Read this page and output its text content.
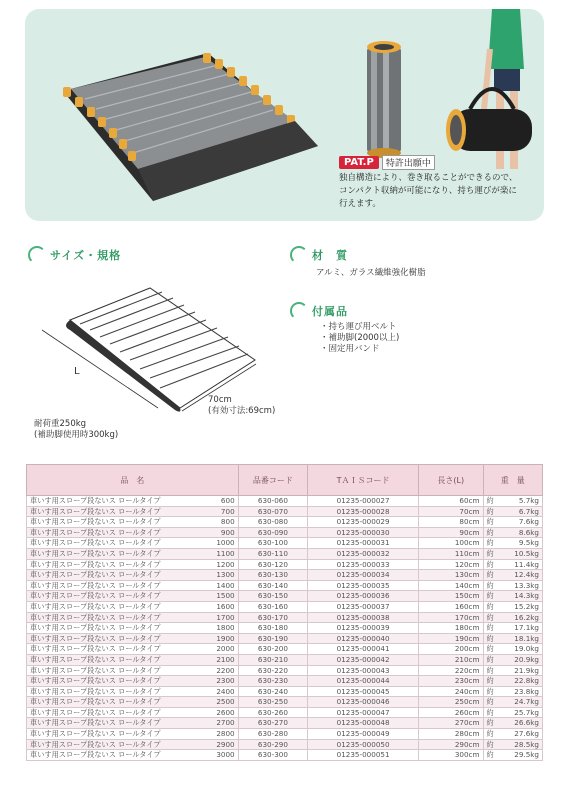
PAT.P	特許出願中
独自構造により、巻き取ることができるので、
コンパクト収納が可能になり、持ち運びが楽に
行えます。
サイズ・規格
L
70cm
(有効寸法:69cm)
耐荷重250kg
(補助脚使用時300kg)
材　質
アルミ、ガラス繊維強化樹脂
付属品
・持ち運び用ベルト
・補助脚(2000以上)
・固定用バンド
品　名	品番コード	TＡＩＳコード	長さ(L)	重　量
車いす用スロープ段ないス ロールタイプ 600	630-060	01235-000027	60cm	約 5.7kg

車いす用スロープ段ないス ロールタイプ 700	630-070	01235-000028	70cm	約 6.7kg

車いす用スロープ段ないス ロールタイプ 800	630-080	01235-000029	80cm	約 7.6kg

車いす用スロープ段ないス ロールタイプ 900	630-090	01235-000030	90cm	約 8.6kg

車いす用スロープ段ないス ロールタイプ 1000	630-100	01235-000031	100cm	約 9.5kg

車いす用スロープ段ないス ロールタイプ 1100	630-110	01235-000032	110cm	約 10.5kg

車いす用スロープ段ないス ロールタイプ 1200	630-120	01235-000033	120cm	約 11.4kg

車いす用スロープ段ないス ロールタイプ 1300	630-130	01235-000034	130cm	約 12.4kg

車いす用スロープ段ないス ロールタイプ 1400	630-140	01235-000035	140cm	約 13.3kg

車いす用スロープ段ないス ロールタイプ 1500	630-150	01235-000036	150cm	約 14.3kg

車いす用スロープ段ないス ロールタイプ 1600	630-160	01235-000037	160cm	約 15.2kg

車いす用スロープ段ないス ロールタイプ 1700	630-170	01235-000038	170cm	約 16.2kg

車いす用スロープ段ないス ロールタイプ 1800	630-180	01235-000039	180cm	約 17.1kg

車いす用スロープ段ないス ロールタイプ 1900	630-190	01235-000040	190cm	約 18.1kg

車いす用スロープ段ないス ロールタイプ 2000	630-200	01235-000041	200cm	約 19.0kg

車いす用スロープ段ないス ロールタイプ 2100	630-210	01235-000042	210cm	約 20.9kg

車いす用スロープ段ないス ロールタイプ 2200	630-220	01235-000043	220cm	約 21.9kg

車いす用スロープ段ないス ロールタイプ 2300	630-230	01235-000044	230cm	約 22.8kg

車いす用スロープ段ないス ロールタイプ 2400	630-240	01235-000045	240cm	約 23.8kg

車いす用スロープ段ないス ロールタイプ 2500	630-250	01235-000046	250cm	約 24.7kg

車いす用スロープ段ないス ロールタイプ 2600	630-260	01235-000047	260cm	約 25.7kg

車いす用スロープ段ないス ロールタイプ 2700	630-270	01235-000048	270cm	約 26.6kg

車いす用スロープ段ないス ロールタイプ 2800	630-280	01235-000049	280cm	約 27.6kg

車いす用スロープ段ないス ロールタイプ 2900	630-290	01235-000050	290cm	約 28.5kg

車いす用スロープ段ないス ロールタイプ 3000	630-300	01235-000051	300cm	約 29.5kg
